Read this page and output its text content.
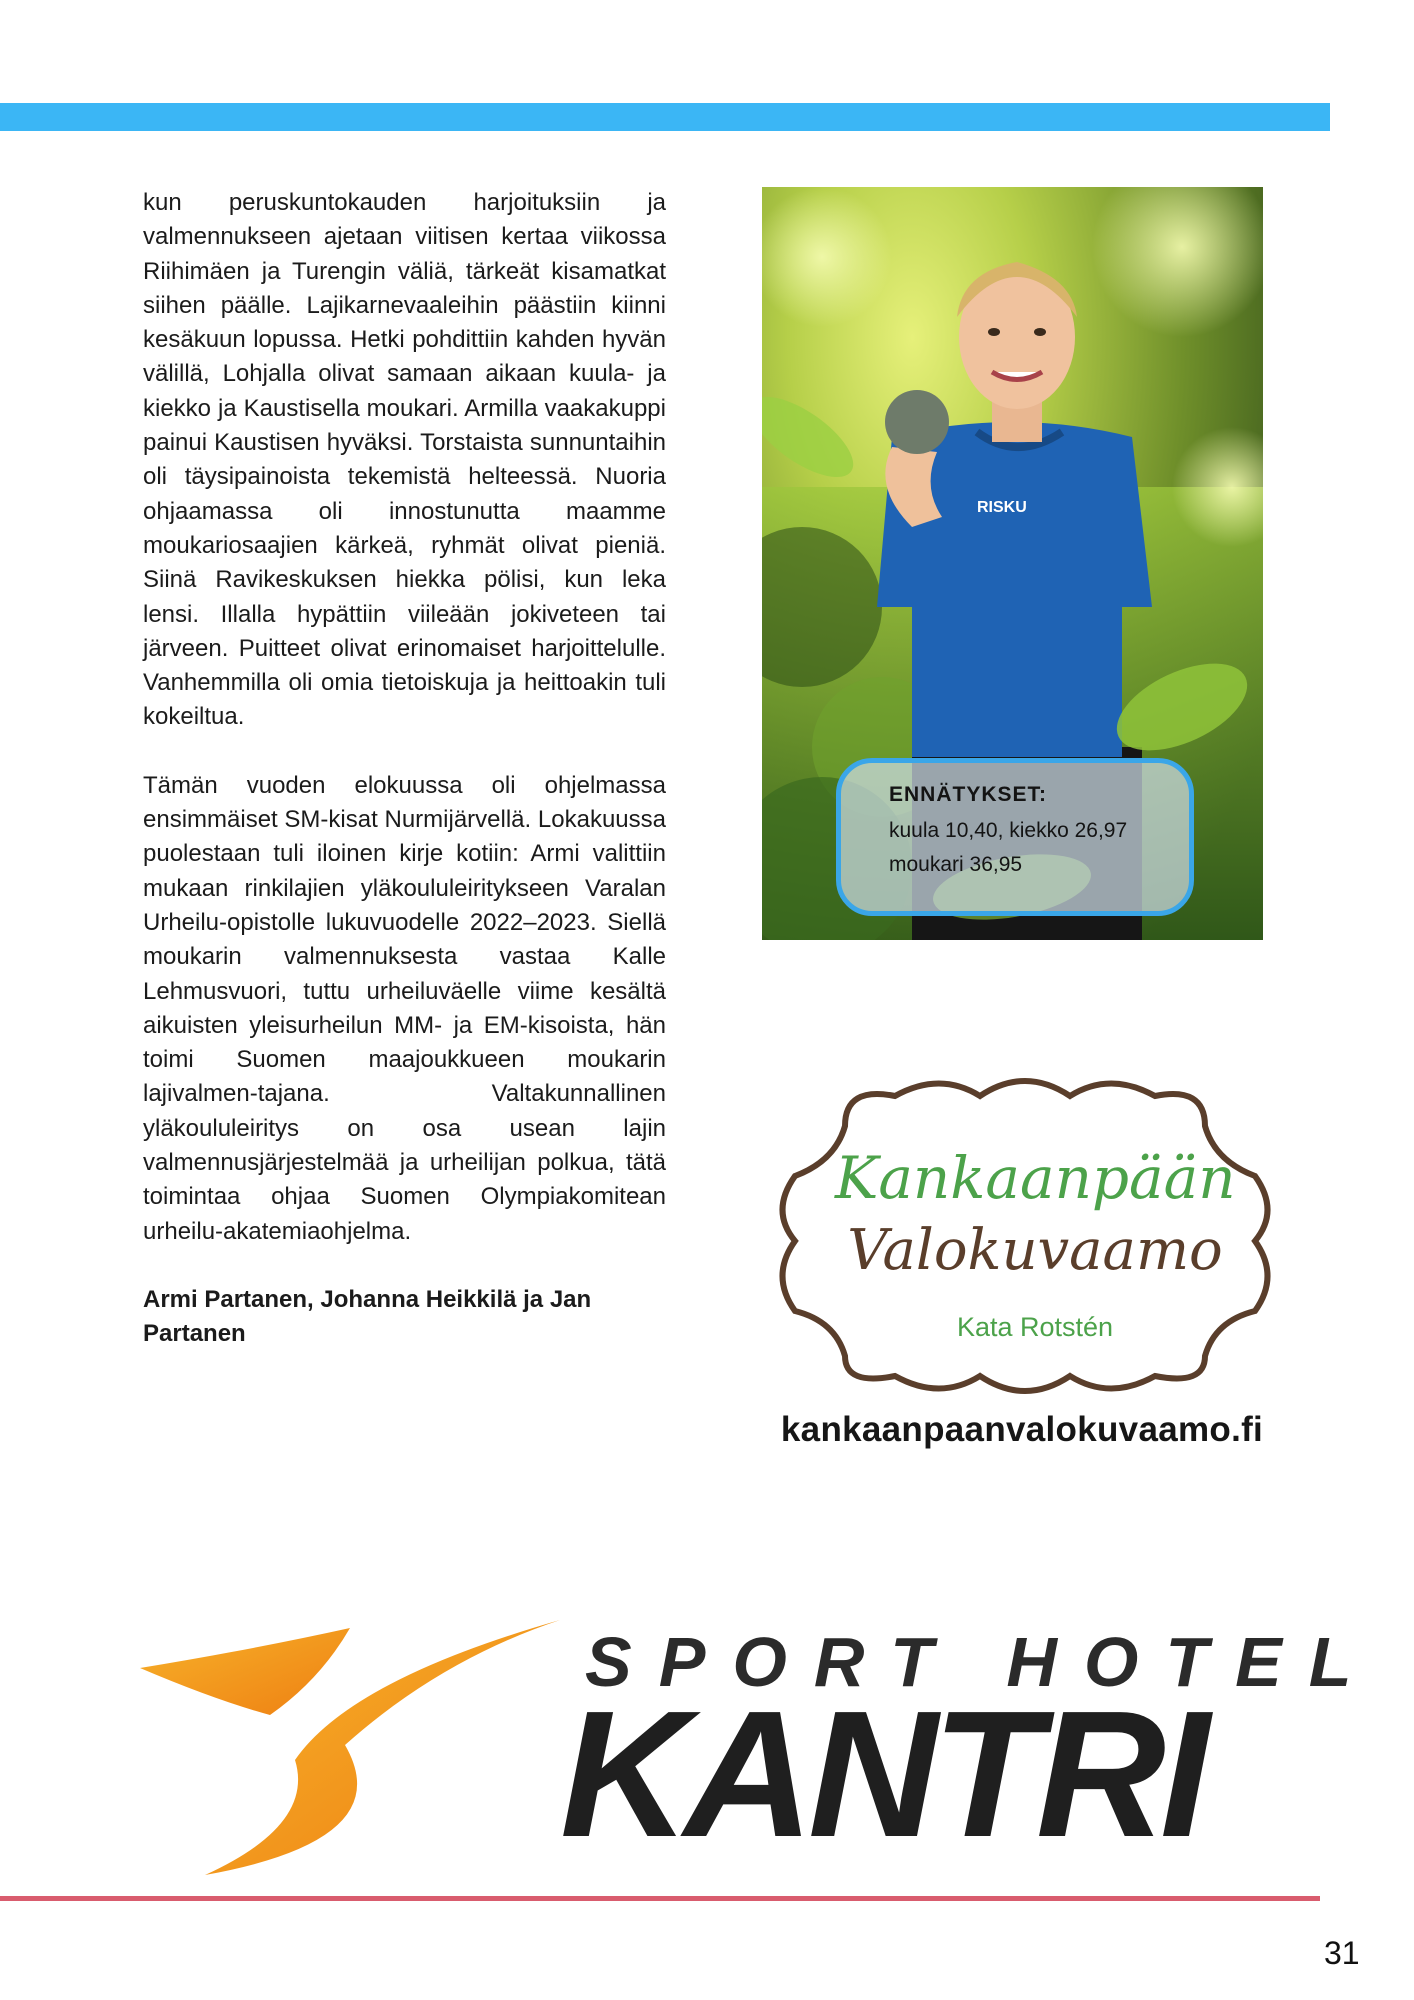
kun peruskuntokauden harjoituksiin ja valmennukseen ajetaan viitisen kertaa viikossa Riihimäen ja Turengin väliä, tärkeät kisamatkat siihen päälle. Lajikarnevaaleihin päästiin kiinni kesäkuun lopussa. Hetki pohdittiin kahden hyvän välillä, Lohjalla olivat samaan aikaan kuula- ja kiekko ja Kaustisella moukari. Armilla vaakakuppi painui Kaustisen hyväksi. Torstaista sunnuntaihin oli täysipainoista tekemistä helteessä. Nuoria ohjaamassa oli innostunutta maamme moukariosaajien kärkeä, ryhmät olivat pieniä. Siinä Ravikeskuksen hiekka pölisi, kun leka lensi. Illalla hypättiin viileään jokiveteen tai järveen. Puitteet olivat erinomaiset harjoittelulle. Vanhemmilla oli omia tietoiskuja ja heittoakin tuli kokeiltua.

Tämän vuoden elokuussa oli ohjelmassa ensimmäiset SM-kisat Nurmijärvellä. Lokakuussa puolestaan tuli iloinen kirje kotiin: Armi valittiin mukaan rinkilajien yläkoululeiritykseen Varalan Urheilu-opistolle lukuvuodelle 2022–2023. Siellä moukarin valmennuksesta vastaa Kalle Lehmusvuori, tuttu urheiluväelle viime kesältä aikuisten yleisurheilun MM- ja EM-kisoista, hän toimi Suomen maajoukkueen moukarin lajivalmen-tajana. Valtakunnallinen yläkoululeiritys on osa usean lajin valmennusjärjestelmää ja urheilijan polkua, tätä toimintaa ohjaa Suomen Olympiakomitean urheilu-akatemiaohjelma.

Armi Partanen, Johanna Heikkilä ja Jan Partanen

RISKU
ENNÄTYKSET:
kuula 10,40, kiekko 26,97
moukari 36,95
Kankaanpään
Valokuvaamo
Kata Rotstén
kankaanpaanvalokuvaamo.fi
SPORT HOTEL
KANTRI
31
